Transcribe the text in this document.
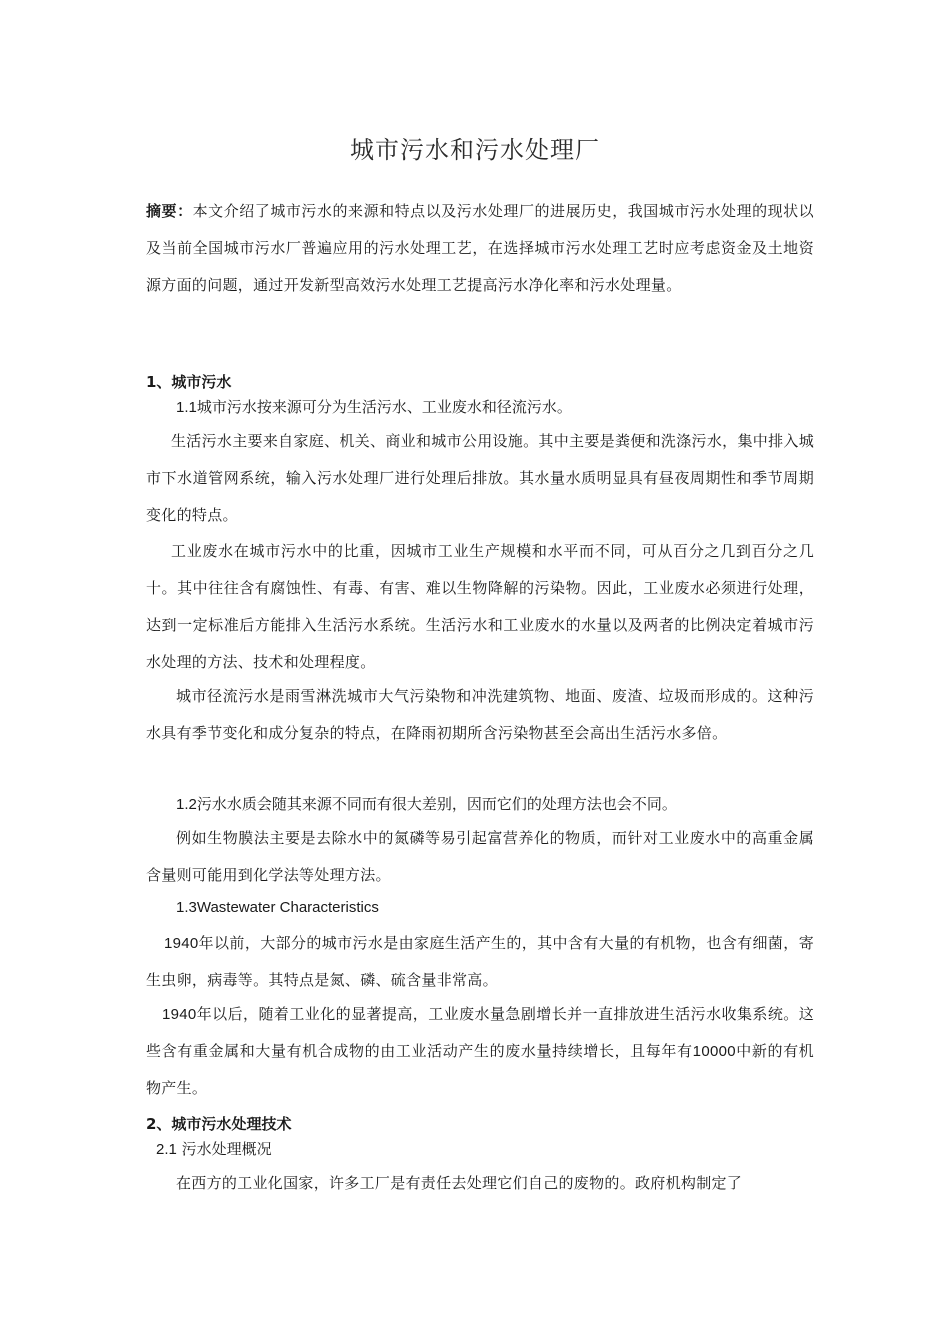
城市污水和污水处理厂
摘要：本文介绍了城市污水的来源和特点以及污水处理厂的进展历史，我国城市污水处理的现状以及当前全国城市污水厂普遍应用的污水处理工艺，在选择城市污水处理工艺时应考虑资金及土地资源方面的问题，通过开发新型高效污水处理工艺提高污水净化率和污水处理量。
1、城市污水
1.1城市污水按来源可分为生活污水、工业废水和径流污水。
生活污水主要来自家庭、机关、商业和城市公用设施。其中主要是粪便和洗涤污水，集中排入城市下水道管网系统，输入污水处理厂进行处理后排放。其水量水质明显具有昼夜周期性和季节周期变化的特点。
工业废水在城市污水中的比重，因城市工业生产规模和水平而不同，可从百分之几到百分之几十。其中往往含有腐蚀性、有毒、有害、难以生物降解的污染物。因此，工业废水必须进行处理，达到一定标准后方能排入生活污水系统。生活污水和工业废水的水量以及两者的比例决定着城市污水处理的方法、技术和处理程度。
城市径流污水是雨雪淋洗城市大气污染物和冲洗建筑物、地面、废渣、垃圾而形成的。这种污水具有季节变化和成分复杂的特点，在降雨初期所含污染物甚至会高出生活污水多倍。
1.2污水水质会随其来源不同而有很大差别，因而它们的处理方法也会不同。
例如生物膜法主要是去除水中的氮磷等易引起富营养化的物质，而针对工业废水中的高重金属含量则可能用到化学法等处理方法。
1.3Wastewater Characteristics
1940年以前，大部分的城市污水是由家庭生活产生的，其中含有大量的有机物，也含有细菌，寄生虫卵，病毒等。其特点是氮、磷、硫含量非常高。
1940年以后，随着工业化的显著提高，工业废水量急剧增长并一直排放进生活污水收集系统。这些含有重金属和大量有机合成物的由工业活动产生的废水量持续增长，且每年有10000中新的有机物产生。
2、城市污水处理技术
2.1 污水处理概况
在西方的工业化国家，许多工厂是有责任去处理它们自己的废物的。政府机构制定了
